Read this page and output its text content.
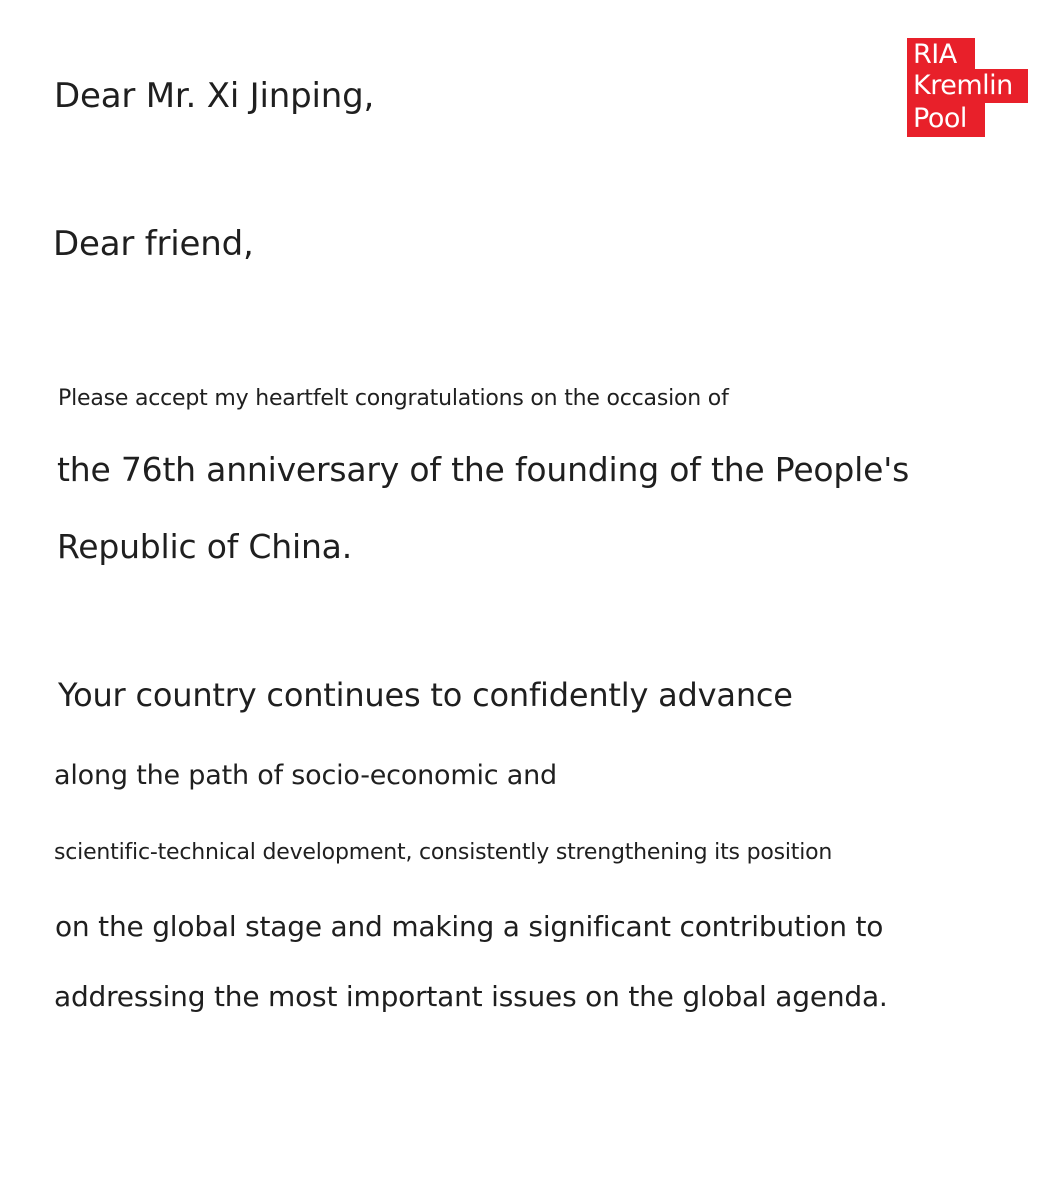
RIA
Kremlin
Pool

Dear Mr. Xi Jinping,

Dear friend,

Please accept my heartfelt congratulations on the occasion of

the 76th anniversary of the founding of the People's

Republic of China.

Your country continues to confidently advance

along the path of socio-economic and

scientific-technical development, consistently strengthening its position

on the global stage and making a significant contribution to

addressing the most important issues on the global agenda.
